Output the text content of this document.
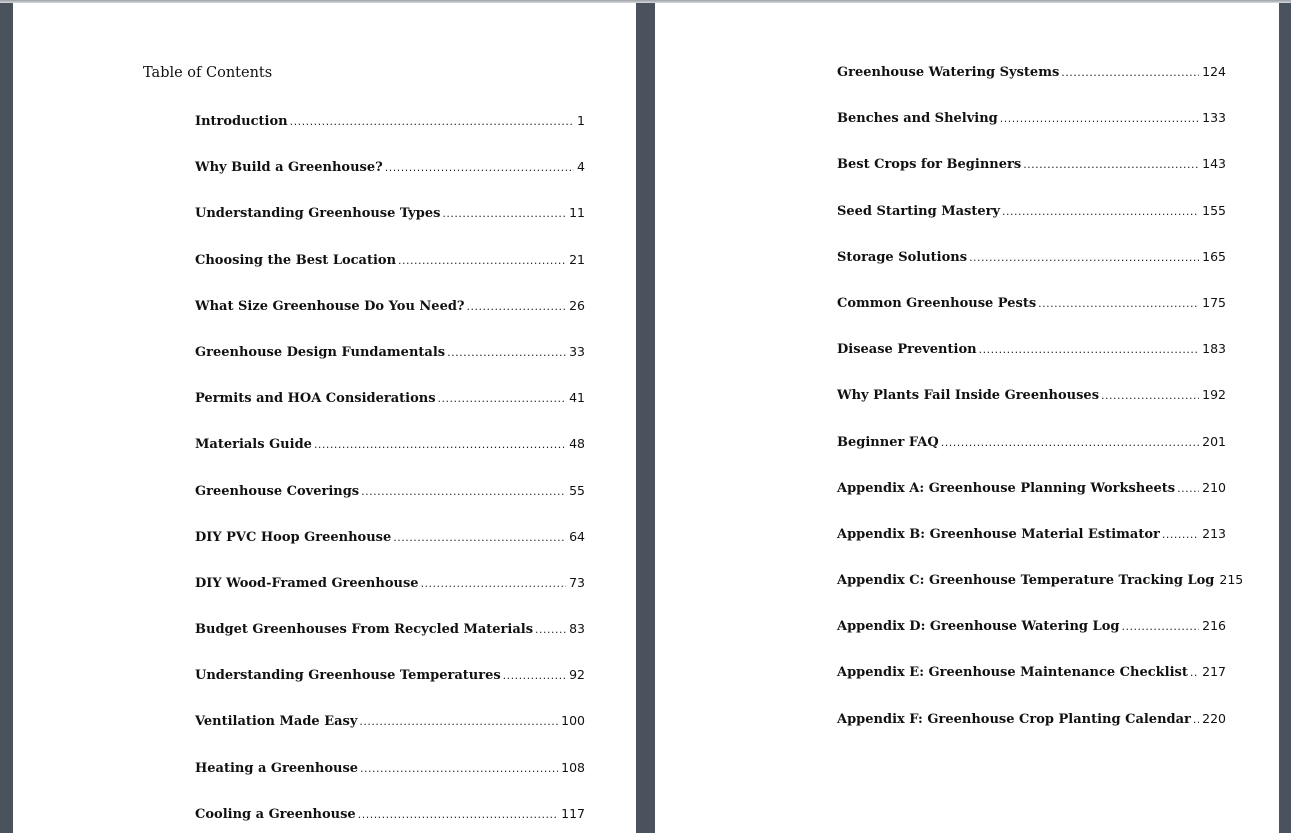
Table of Contents
Introduction .....	1
Why Build a Greenhouse? .....	4
Understanding Greenhouse Types .....	11
Choosing the Best Location .....	21
What Size Greenhouse Do You Need? .....	26
Greenhouse Design Fundamentals .....	33
Permits and HOA Considerations .....	41
Materials Guide .....	48
Greenhouse Coverings .....	55
DIY PVC Hoop Greenhouse .....	64
DIY Wood-Framed Greenhouse .....	73
Budget Greenhouses From Recycled Materials .....	83
Understanding Greenhouse Temperatures .....	92
Ventilation Made Easy .....	100
Heating a Greenhouse .....	108
Cooling a Greenhouse .....	117
Greenhouse Watering Systems .....	124
Benches and Shelving .....	133
Best Crops for Beginners .....	143
Seed Starting Mastery .....	155
Storage Solutions .....	165
Common Greenhouse Pests .....	175
Disease Prevention .....	183
Why Plants Fail Inside Greenhouses .....	192
Beginner FAQ .....	201
Appendix A: Greenhouse Planning Worksheets ..... 210
Appendix B: Greenhouse Material Estimator .....	213
Appendix C: Greenhouse Temperature Tracking Log 215
Appendix D: Greenhouse Watering Log .....	216
Appendix E: Greenhouse Maintenance Checklist ..... 217
Appendix F: Greenhouse Crop Planting Calendar ..... 220
